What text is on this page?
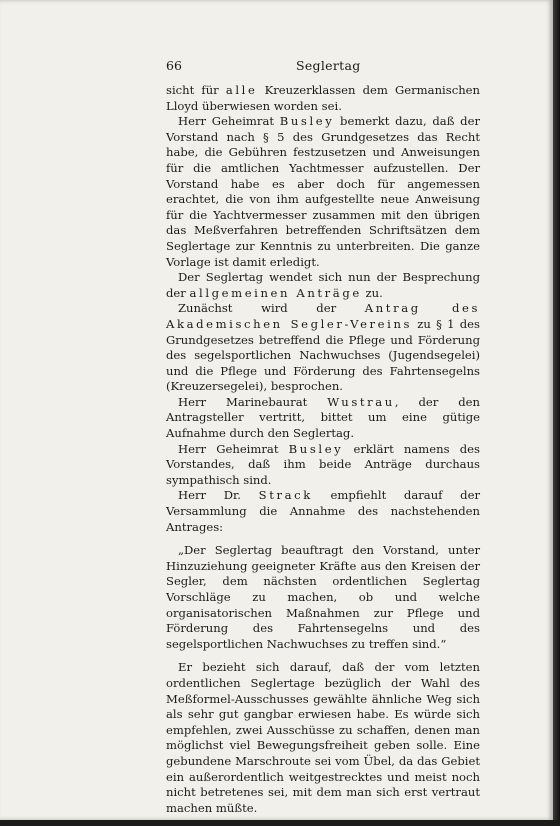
66	Seglertag

sicht für alle Kreuzerklassen dem Germanischen Lloyd überwiesen worden sei.

Herr Geheimrat Busley bemerkt dazu, daß der Vorstand nach § 5 des Grundgesetzes das Recht habe, die Gebühren festzusetzen und Anweisungen für die amtlichen Yachtmesser aufzustellen. Der Vorstand habe es aber doch für angemessen erachtet, die von ihm aufgestellte neue Anweisung für die Yachtvermesser zusammen mit den übrigen das Meßverfahren betreffenden Schriftsätzen dem Seglertage zur Kenntnis zu unterbreiten. Die ganze Vorlage ist damit erledigt.

Der Seglertag wendet sich nun der Besprechung der allgemeinen Anträge zu.

Zunächst wird der Antrag des Akademischen Segler-Vereins zu § 1 des Grundgesetzes betreffend die Pflege und Förderung des segelsportlichen Nachwuchses (Jugendsegelei) und die Pflege und Förderung des Fahrtensegelns (Kreuzersegelei), besprochen.

Herr Marinebaurat Wustrau, der den Antragsteller vertritt, bittet um eine gütige Aufnahme durch den Seglertag.

Herr Geheimrat Busley erklärt namens des Vorstandes, daß ihm beide Anträge durchaus sympathisch sind.

Herr Dr. Strack empfiehlt darauf der Versammlung die Annahme des nachstehenden Antrages:

„Der Seglertag beauftragt den Vorstand, unter Hinzuziehung geeigneter Kräfte aus den Kreisen der Segler, dem nächsten ordentlichen Seglertag Vorschläge zu machen, ob und welche organisatorischen Maßnahmen zur Pflege und Förderung des Fahrtensegelns und des segelsportlichen Nachwuchses zu treffen sind.“

Er bezieht sich darauf, daß der vom letzten ordentlichen Seglertage bezüglich der Wahl des Meßformel-Ausschusses gewählte ähnliche Weg sich als sehr gut gangbar erwiesen habe. Es würde sich empfehlen, zwei Ausschüsse zu schaffen, denen man möglichst viel Bewegungsfreiheit geben solle. Eine gebundene Marschroute sei vom Übel, da das Gebiet ein außerordentlich weitgestrecktes und meist noch nicht betretenes sei, mit dem man sich erst vertraut machen müßte.
